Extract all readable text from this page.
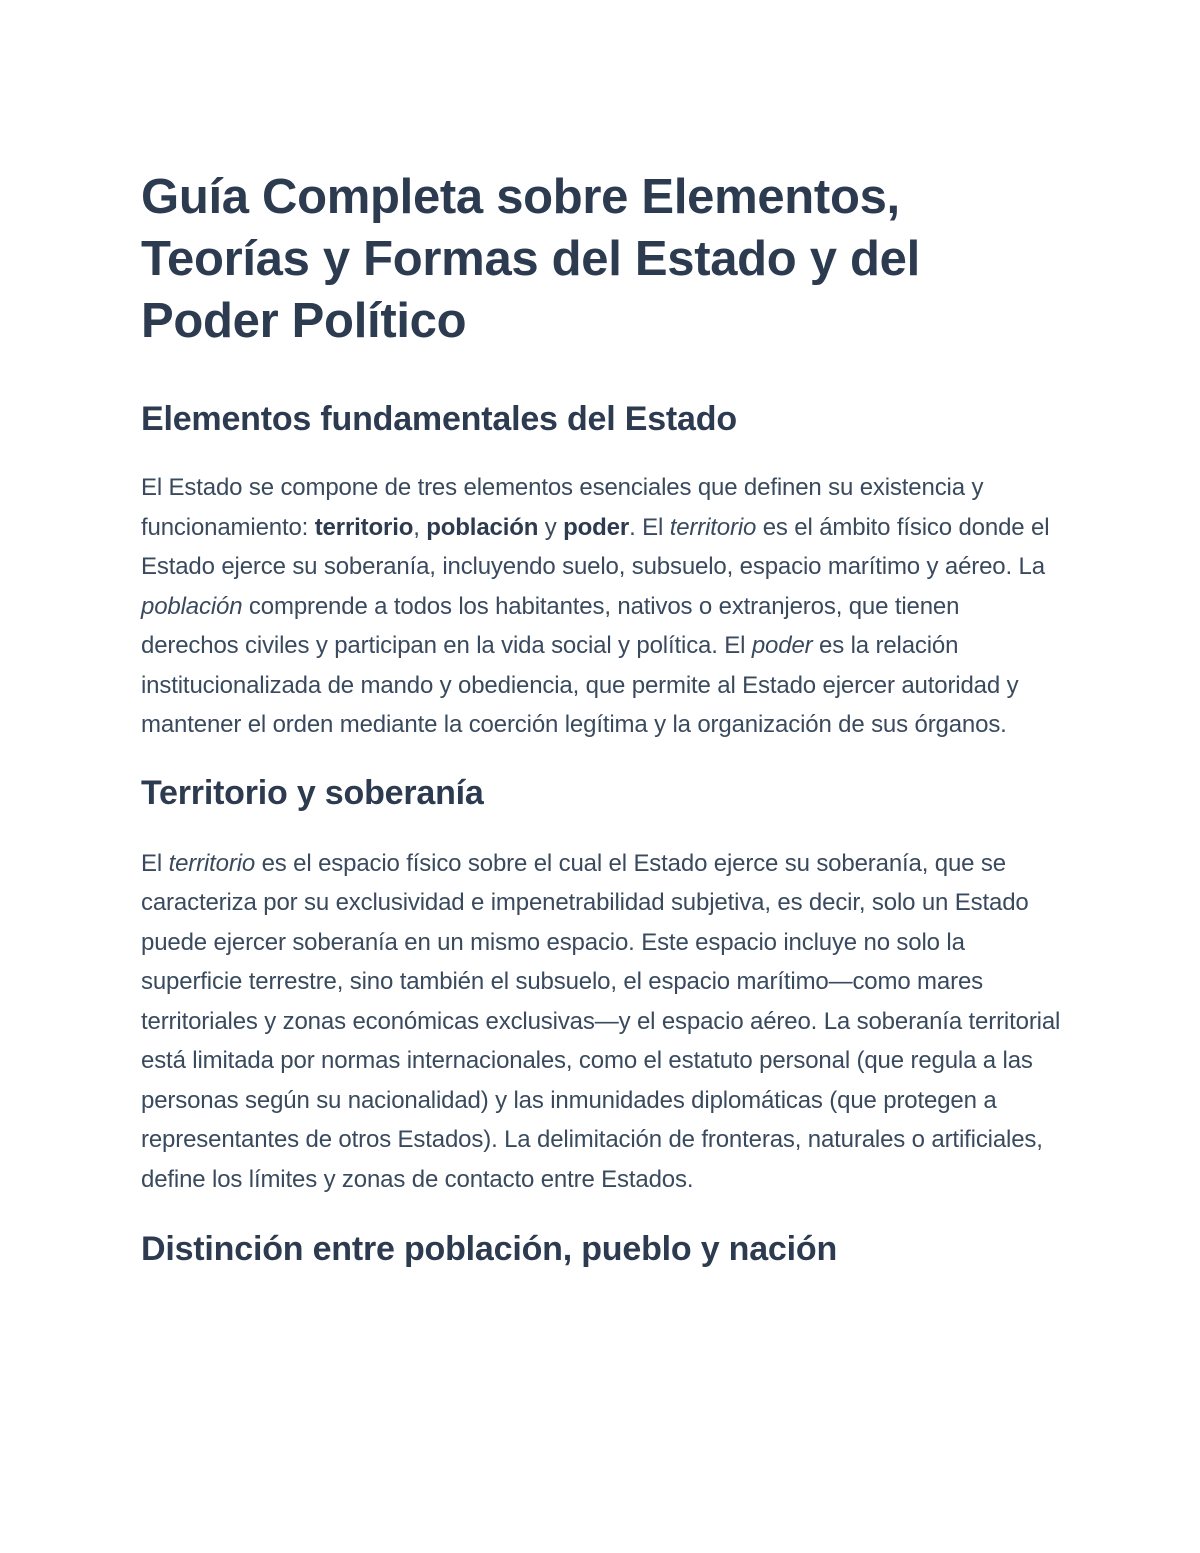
Guía Completa sobre Elementos, Teorías y Formas del Estado y del Poder Político
Elementos fundamentales del Estado

El Estado se compone de tres elementos esenciales que definen su existencia y funcionamiento: territorio, población y poder. El territorio es el ámbito físico donde el Estado ejerce su soberanía, incluyendo suelo, subsuelo, espacio marítimo y aéreo. La población comprende a todos los habitantes, nativos o extranjeros, que tienen derechos civiles y participan en la vida social y política. El poder es la relación institucionalizada de mando y obediencia, que permite al Estado ejercer autoridad y mantener el orden mediante la coerción legítima y la organización de sus órganos.

Territorio y soberanía

El territorio es el espacio físico sobre el cual el Estado ejerce su soberanía, que se caracteriza por su exclusividad e impenetrabilidad subjetiva, es decir, solo un Estado puede ejercer soberanía en un mismo espacio. Este espacio incluye no solo la superficie terrestre, sino también el subsuelo, el espacio marítimo—como mares territoriales y zonas económicas exclusivas—y el espacio aéreo. La soberanía territorial está limitada por normas internacionales, como el estatuto personal (que regula a las personas según su nacionalidad) y las inmunidades diplomáticas (que protegen a representantes de otros Estados). La delimitación de fronteras, naturales o artificiales, define los límites y zonas de contacto entre Estados.

Distinción entre población, pueblo y nación
